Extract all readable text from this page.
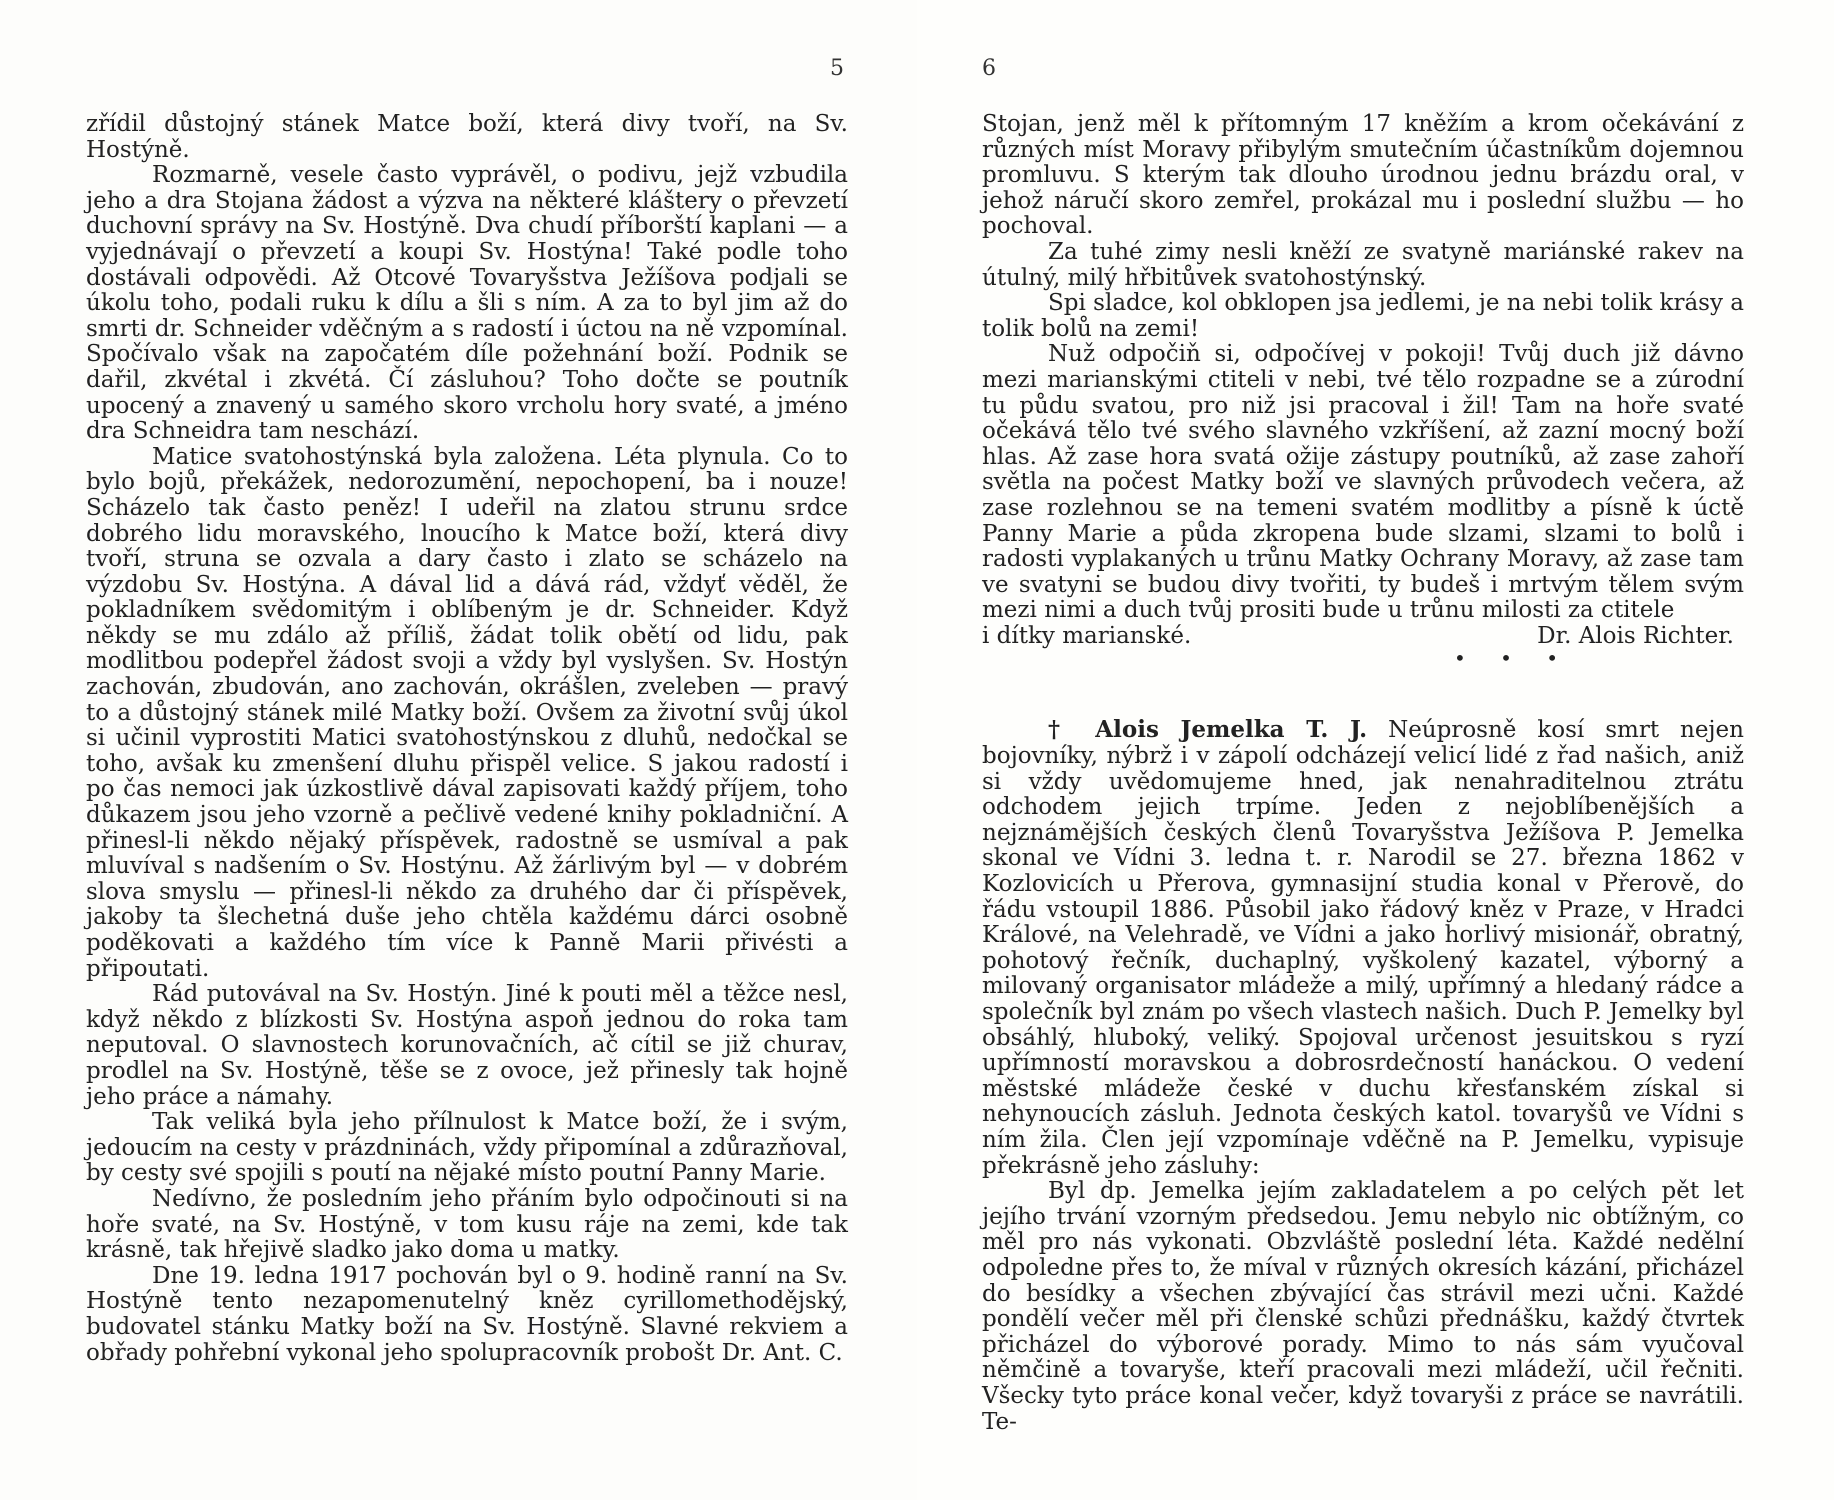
5

zřídil důstojný stánek Matce boží, která divy tvoří, na Sv. Hostýně.

Rozmarně, vesele často vyprávěl, o podivu, jejž vzbudila jeho a dra Stojana žádost a výzva na některé kláštery o převzetí duchovní správy na Sv. Hostýně. Dva chudí příborští kaplani — a vyjednávají o převzetí a koupi Sv. Hostýna! Také podle toho dostávali odpovědi. Až Otcové Tovaryšstva Ježíšova podjali se úkolu toho, podali ruku k dílu a šli s ním. A za to byl jim až do smrti dr. Schneider vděčným a s radostí i úctou na ně vzpomínal. Spočívalo však na započatém díle požehnání boží. Podnik se dařil, zkvétal i zkvétá. Čí zásluhou? Toho dočte se poutník upocený a znavený u samého skoro vrcholu hory svaté, a jméno dra Schneidra tam neschází.

Matice svatohostýnská byla založena. Léta plynula. Co to bylo bojů, překážek, nedorozumění, nepochopení, ba i nouze! Scházelo tak často peněz! I udeřil na zlatou strunu srdce dobrého lidu moravského, lnoucího k Matce boží, která divy tvoří, struna se ozvala a dary často i zlato se scházelo na výzdobu Sv. Hostýna. A dával lid a dává rád, vždyť věděl, že pokladníkem svědomitým i oblíbeným je dr. Schneider. Když někdy se mu zdálo až příliš, žádat tolik obětí od lidu, pak modlitbou podepřel žádost svoji a vždy byl vyslyšen. Sv. Hostýn zachován, zbudován, ano zachován, okrášlen, zveleben — pravý to a důstojný stánek milé Matky boží. Ovšem za životní svůj úkol si učinil vyprostiti Matici svatohostýnskou z dluhů, nedočkal se toho, avšak ku zmenšení dluhu přispěl velice. S jakou radostí i po čas nemoci jak úzkostlivě dával zapisovati každý příjem, toho důkazem jsou jeho vzorně a pečlivě vedené knihy pokladniční. A přinesl-li někdo nějaký příspěvek, radostně se usmíval a pak mluvíval s nadšením o Sv. Hostýnu. Až žárlivým byl — v dobrém slova smyslu — přinesl-li někdo za druhého dar či příspěvek, jakoby ta šlechetná duše jeho chtěla každému dárci osobně poděkovati a každého tím více k Panně Marii přivésti a připoutati.

Rád putovával na Sv. Hostýn. Jiné k pouti měl a těžce nesl, když někdo z blízkosti Sv. Hostýna aspoň jednou do roka tam neputoval. O slavnostech korunovačních, ač cítil se již churav, prodlel na Sv. Hostýně, těše se z ovoce, jež přinesly tak hojně jeho práce a námahy.

Tak veliká byla jeho přílnulost k Matce boží, že i svým, jedoucím na cesty v prázdninách, vždy připomínal a zdůrazňoval, by cesty své spojili s poutí na nějaké místo poutní Panny Marie.

Nedívno, že posledním jeho přáním bylo odpočinouti si na hoře svaté, na Sv. Hostýně, v tom kusu ráje na zemi, kde tak krásně, tak hřejivě sladko jako doma u matky.

Dne 19. ledna 1917 pochován byl o 9. hodině ranní na Sv. Hostýně tento nezapomenutelný kněz cyrillomethodějský, budovatel stánku Matky boží na Sv. Hostýně. Slavné rekviem a obřady pohřební vykonal jeho spolupracovník probošt Dr. Ant. C.

6

Stojan, jenž měl k přítomným 17 kněžím a krom očekávání z různých míst Moravy přibylým smutečním účastníkům dojemnou promluvu. S kterým tak dlouho úrodnou jednu brázdu oral, v jehož náručí skoro zemřel, prokázal mu i poslední službu — ho pochoval.

Za tuhé zimy nesli kněží ze svatyně mariánské rakev na útulný, milý hřbitůvek svatohostýnský.

Spi sladce, kol obklopen jsa jedlemi, je na nebi tolik krásy a tolik bolů na zemi!

Nuž odpočiň si, odpočívej v pokoji! Tvůj duch již dávno mezi marianskými ctiteli v nebi, tvé tělo rozpadne se a zúrodní tu půdu svatou, pro niž jsi pracoval i žil! Tam na hoře svaté očekává tělo tvé svého slavného vzkříšení, až zazní mocný boží hlas. Až zase hora svatá ožije zástupy poutníků, až zase zahoří světla na počest Matky boží ve slavných průvodech večera, až zase rozlehnou se na temeni svatém modlitby a písně k úctě Panny Marie a půda zkropena bude slzami, slzami to bolů i radosti vyplakaných u trůnu Matky Ochrany Moravy, až zase tam ve svatyni se budou divy tvořiti, ty budeš i mrtvým tělem svým mezi nimi a duch tvůj prositi bude u trůnu milosti za ctitele

i dítky marianské.	Dr. Alois Richter.
• • •

† Alois Jemelka T. J. Neúprosně kosí smrt nejen bojovníky, nýbrž i v zápolí odcházejí velicí lidé z řad našich, aniž si vždy uvědomujeme hned, jak nenahraditelnou ztrátu odchodem jejich trpíme. Jeden z nejoblíbenějších a nejznámějších českých členů Tovaryšstva Ježíšova P. Jemelka skonal ve Vídni 3. ledna t. r. Narodil se 27. března 1862 v Kozlovicích u Přerova, gymnasijní studia konal v Přerově, do řádu vstoupil 1886. Působil jako řádový kněz v Praze, v Hradci Králové, na Velehradě, ve Vídni a jako horlivý misionář, obratný, pohotový řečník, duchaplný, vyškolený kazatel, výborný a milovaný organisator mládeže a milý, upřímný a hledaný rádce a společník byl znám po všech vlastech našich. Duch P. Jemelky byl obsáhlý, hluboký, veliký. Spojoval určenost jesuitskou s ryzí upřímností moravskou a dobrosrdečností hanáckou. O vedení městské mládeže české v duchu křesťanském získal si nehynoucích zásluh. Jednota českých katol. tovaryšů ve Vídni s ním žila. Člen její vzpomínaje vděčně na P. Jemelku, vypisuje překrásně jeho zásluhy:

Byl dp. Jemelka jejím zakladatelem a po celých pět let jejího trvání vzorným předsedou. Jemu nebylo nic obtížným, co měl pro nás vykonati. Obzvláště poslední léta. Každé nedělní odpoledne přes to, že míval v různých okresích kázání, přicházel do besídky a všechen zbývající čas strávil mezi učni. Každé pondělí večer měl při členské schůzi přednášku, každý čtvrtek přicházel do výborové porady. Mimo to nás sám vyučoval němčině a tovaryše, kteří pracovali mezi mládeží, učil řečniti. Všecky tyto práce konal večer, když tovaryši z práce se navrátili. Te-
